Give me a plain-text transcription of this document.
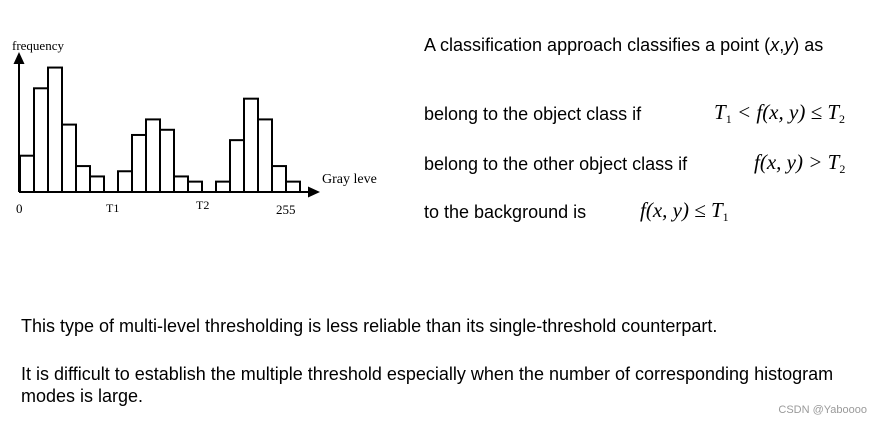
0	T1	T2	255
frequency
Gray leve
A classification approach classifies a point (x,y) as
belong to the object class if	$T_1 < f(x$, $y) \le T_2$
belong to the other object class if	f(x, $y) > T_2$
to the background is	f(x, $y) \le T_1$
This type of multi-level thresholding is less reliable than its single-threshold counterpart.
It is difficult to establish the multiple threshold especially when the number of corresponding histogram modes is large.
CSDN @Yaboooo
